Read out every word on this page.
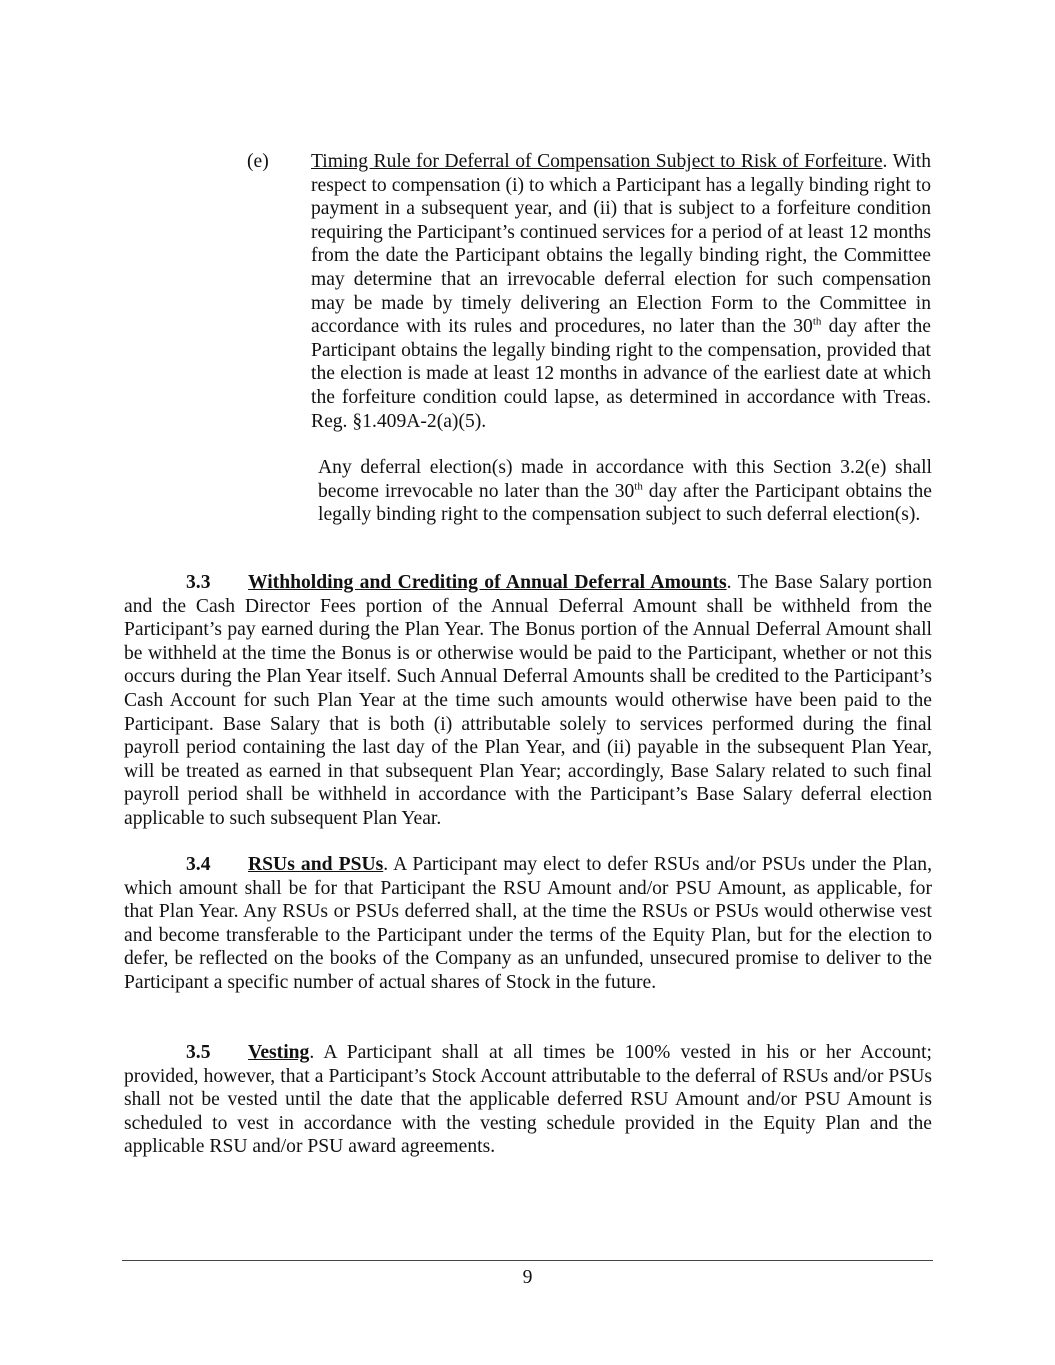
(e) Timing Rule for Deferral of Compensation Subject to Risk of Forfeiture. With respect to compensation (i) to which a Participant has a legally binding right to payment in a subsequent year, and (ii) that is subject to a forfeiture condition requiring the Participant’s continued services for a period of at least 12 months from the date the Participant obtains the legally binding right, the Committee may determine that an irrevocable deferral election for such compensation may be made by timely delivering an Election Form to the Committee in accordance with its rules and procedures, no later than the 30th day after the Participant obtains the legally binding right to the compensation, provided that the election is made at least 12 months in advance of the earliest date at which the forfeiture condition could lapse, as determined in accordance with Treas. Reg. §1.409A-2(a)(5).

Any deferral election(s) made in accordance with this Section 3.2(e) shall become irrevocable no later than the 30th day after the Participant obtains the legally binding right to the compensation subject to such deferral election(s).

3.3 Withholding and Crediting of Annual Deferral Amounts. The Base Salary portion and the Cash Director Fees portion of the Annual Deferral Amount shall be withheld from the Participant’s pay earned during the Plan Year. The Bonus portion of the Annual Deferral Amount shall be withheld at the time the Bonus is or otherwise would be paid to the Participant, whether or not this occurs during the Plan Year itself. Such Annual Deferral Amounts shall be credited to the Participant’s Cash Account for such Plan Year at the time such amounts would otherwise have been paid to the Participant. Base Salary that is both (i) attributable solely to services performed during the final payroll period containing the last day of the Plan Year, and (ii) payable in the subsequent Plan Year, will be treated as earned in that subsequent Plan Year; accordingly, Base Salary related to such final payroll period shall be withheld in accordance with the Participant’s Base Salary deferral election applicable to such subsequent Plan Year.

3.4 RSUs and PSUs. A Participant may elect to defer RSUs and/or PSUs under the Plan, which amount shall be for that Participant the RSU Amount and/or PSU Amount, as applicable, for that Plan Year. Any RSUs or PSUs deferred shall, at the time the RSUs or PSUs would otherwise vest and become transferable to the Participant under the terms of the Equity Plan, but for the election to defer, be reflected on the books of the Company as an unfunded, unsecured promise to deliver to the Participant a specific number of actual shares of Stock in the future.

3.5 Vesting. A Participant shall at all times be 100% vested in his or her Account; provided, however, that a Participant’s Stock Account attributable to the deferral of RSUs and/or PSUs shall not be vested until the date that the applicable deferred RSU Amount and/or PSU Amount is scheduled to vest in accordance with the vesting schedule provided in the Equity Plan and the applicable RSU and/or PSU award agreements.

9
